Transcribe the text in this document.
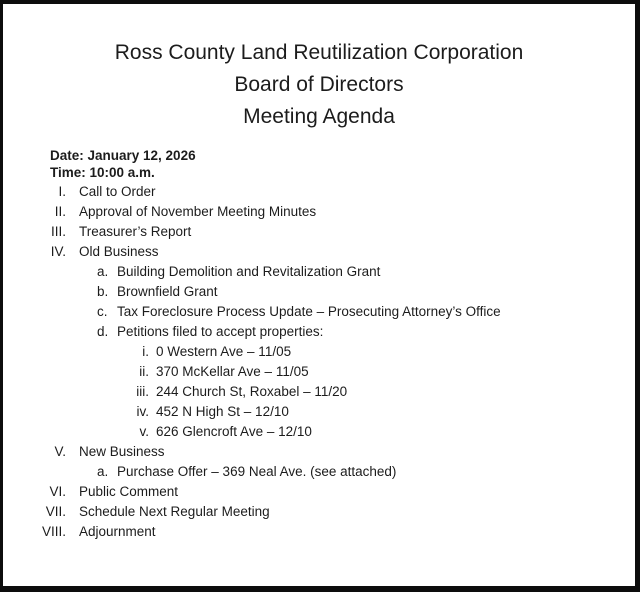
Ross County Land Reutilization Corporation
Board of Directors
Meeting Agenda
Date: January 12, 2026
Time: 10:00 a.m.
I. Call to Order
II. Approval of November Meeting Minutes
III. Treasurer’s Report
IV. Old Business
a. Building Demolition and Revitalization Grant
b. Brownfield Grant
c. Tax Foreclosure Process Update – Prosecuting Attorney’s Office
d. Petitions filed to accept properties:
i. 0 Western Ave – 11/05
ii. 370 McKellar Ave – 11/05
iii. 244 Church St, Roxabel – 11/20
iv. 452 N High St – 12/10
v. 626 Glencroft Ave – 12/10
V. New Business
a. Purchase Offer – 369 Neal Ave. (see attached)
VI. Public Comment
VII. Schedule Next Regular Meeting
VIII. Adjournment
